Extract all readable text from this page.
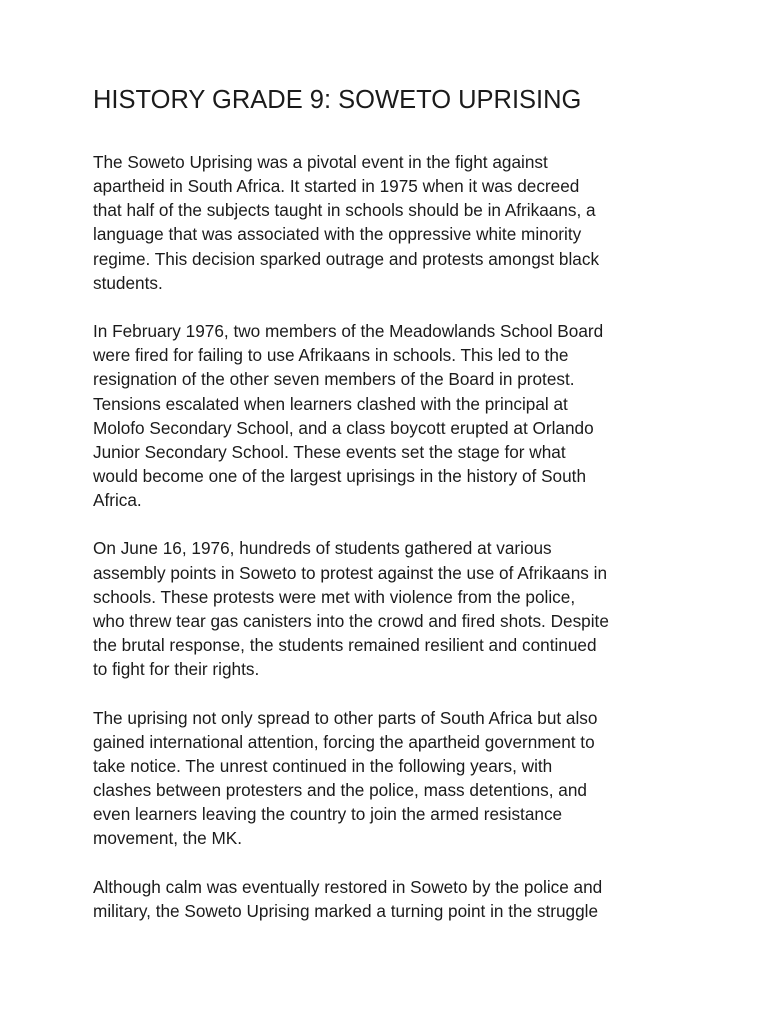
HISTORY GRADE 9: SOWETO UPRISING

The Soweto Uprising was a pivotal event in the fight against
apartheid in South Africa. It started in 1975 when it was decreed
that half of the subjects taught in schools should be in Afrikaans, a
language that was associated with the oppressive white minority
regime. This decision sparked outrage and protests amongst black
students.

In February 1976, two members of the Meadowlands School Board
were fired for failing to use Afrikaans in schools. This led to the
resignation of the other seven members of the Board in protest.
Tensions escalated when learners clashed with the principal at
Molofo Secondary School, and a class boycott erupted at Orlando
Junior Secondary School. These events set the stage for what
would become one of the largest uprisings in the history of South
Africa.

On June 16, 1976, hundreds of students gathered at various
assembly points in Soweto to protest against the use of Afrikaans in
schools. These protests were met with violence from the police,
who threw tear gas canisters into the crowd and fired shots. Despite
the brutal response, the students remained resilient and continued
to fight for their rights.

The uprising not only spread to other parts of South Africa but also
gained international attention, forcing the apartheid government to
take notice. The unrest continued in the following years, with
clashes between protesters and the police, mass detentions, and
even learners leaving the country to join the armed resistance
movement, the MK.

Although calm was eventually restored in Soweto by the police and
military, the Soweto Uprising marked a turning point in the struggle
